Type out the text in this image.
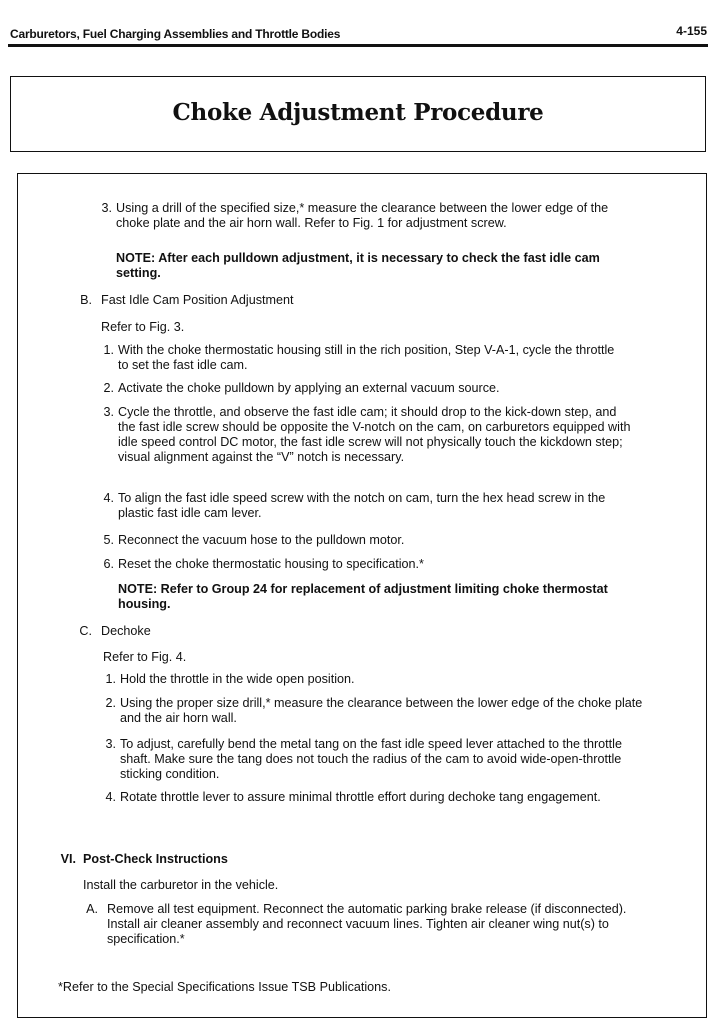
Carburetors, Fuel Charging Assemblies and Throttle Bodies	4-155
Choke Adjustment Procedure
3. Using a drill of the specified size,* measure the clearance between the lower edge of the choke plate and the air horn wall. Refer to Fig. 1 for adjustment screw.
NOTE: After each pulldown adjustment, it is necessary to check the fast idle cam setting.
B. Fast Idle Cam Position Adjustment
Refer to Fig. 3.
1. With the choke thermostatic housing still in the rich position, Step V-A-1, cycle the throttle to set the fast idle cam.
2. Activate the choke pulldown by applying an external vacuum source.
3. Cycle the throttle, and observe the fast idle cam; it should drop to the kick-down step, and the fast idle screw should be opposite the V-notch on the cam, on carburetors equipped with idle speed control DC motor, the fast idle screw will not physically touch the kickdown step; visual alignment against the “V” notch is necessary.
4. To align the fast idle speed screw with the notch on cam, turn the hex head screw in the plastic fast idle cam lever.
5. Reconnect the vacuum hose to the pulldown motor.
6. Reset the choke thermostatic housing to specification.*
NOTE: Refer to Group 24 for replacement of adjustment limiting choke thermostat housing.
C. Dechoke
Refer to Fig. 4.
1. Hold the throttle in the wide open position.
2. Using the proper size drill,* measure the clearance between the lower edge of the choke plate and the air horn wall.
3. To adjust, carefully bend the metal tang on the fast idle speed lever attached to the throttle shaft. Make sure the tang does not touch the radius of the cam to avoid wide-open-throttle sticking condition.
4. Rotate throttle lever to assure minimal throttle effort during dechoke tang engagement.
VI. Post-Check Instructions
Install the carburetor in the vehicle.
A. Remove all test equipment. Reconnect the automatic parking brake release (if disconnected). Install air cleaner assembly and reconnect vacuum lines. Tighten air cleaner wing nut(s) to specification.*
*Refer to the Special Specifications Issue TSB Publications.
